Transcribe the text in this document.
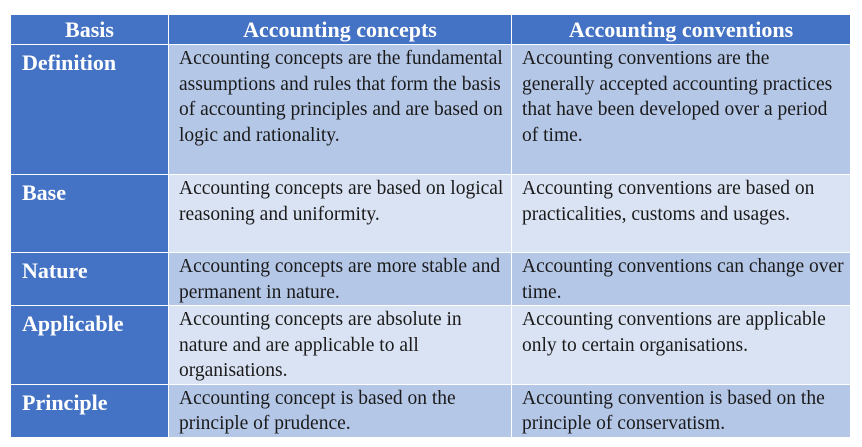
Basis	Accounting concepts	Accounting conventions
Definition	Accounting concepts are the fundamental assumptions and rules that form the basis of accounting principles and are based on logic and rationality.	Accounting conventions are the generally accepted accounting practices that have been developed over a period of time.
Base	Accounting concepts are based on logical reasoning and uniformity.	Accounting conventions are based on practicalities, customs and usages.
Nature	Accounting concepts are more stable and permanent in nature.	Accounting conventions can change over time.
Applicable	Accounting concepts are absolute in nature and are applicable to all organisations.	Accounting conventions are applicable only to certain organisations.
Principle	Accounting concept is based on the principle of prudence.	Accounting convention is based on the principle of conservatism.
